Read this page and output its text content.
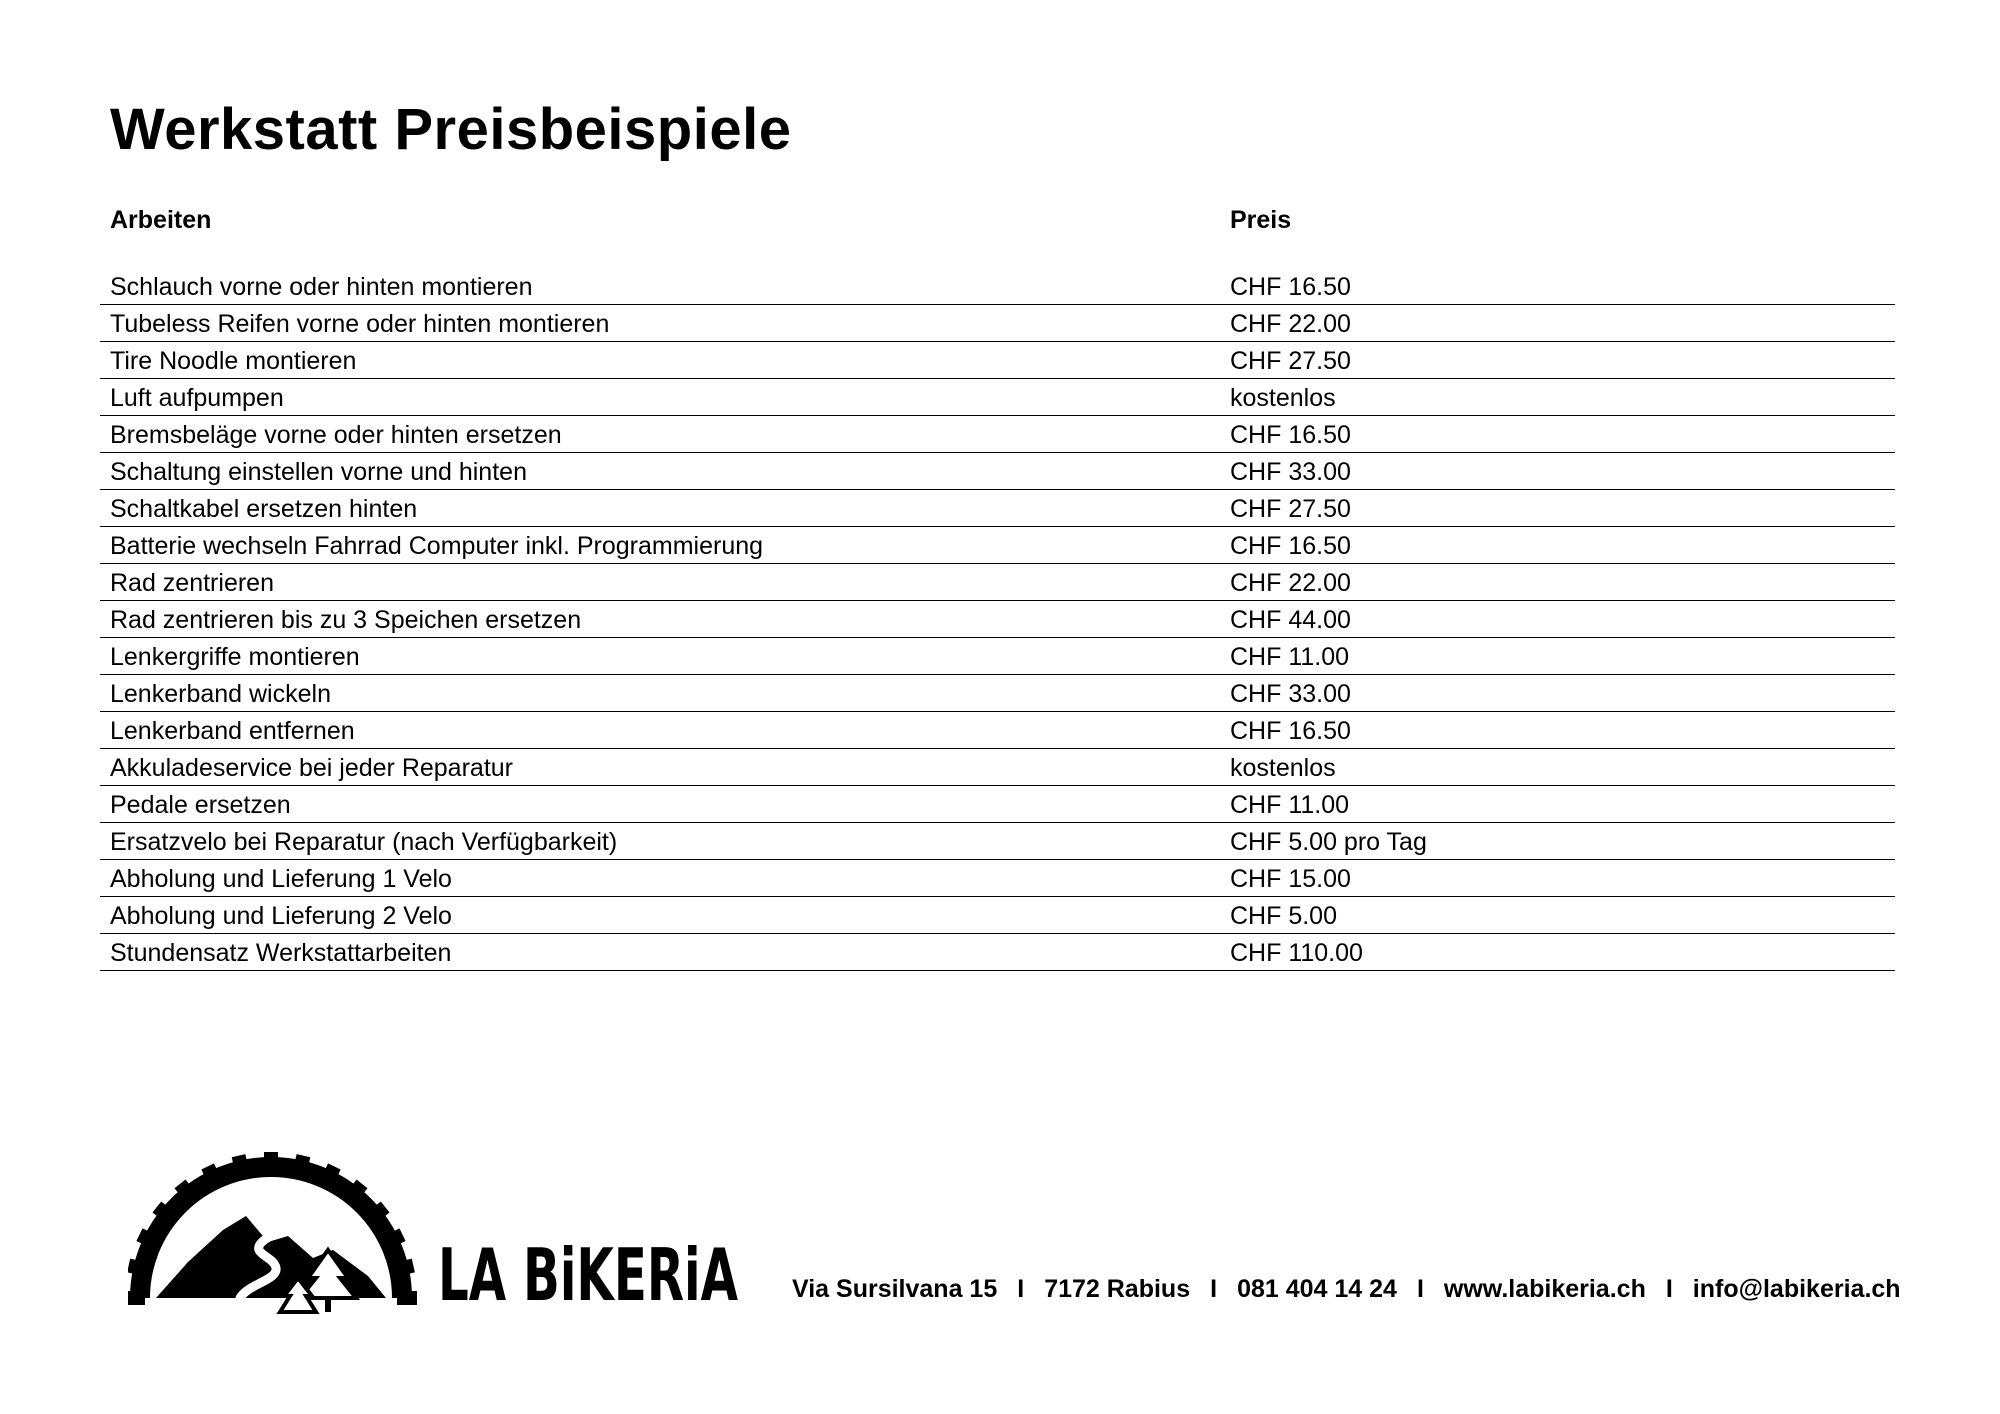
Werkstatt Preisbeispiele
Arbeiten	Preis
Schlauch vorne oder hinten montieren	CHF 16.50
Tubeless Reifen vorne oder hinten montieren	CHF 22.00
Tire Noodle montieren	CHF 27.50
Luft aufpumpen	kostenlos
Bremsbeläge vorne oder hinten ersetzen	CHF 16.50
Schaltung einstellen vorne und hinten	CHF 33.00
Schaltkabel ersetzen hinten	CHF 27.50
Batterie wechseln Fahrrad Computer inkl. Programmierung	CHF 16.50
Rad zentrieren	CHF 22.00
Rad zentrieren bis zu 3 Speichen ersetzen	CHF 44.00
Lenkergriffe montieren	CHF 11.00
Lenkerband wickeln	CHF 33.00
Lenkerband entfernen	CHF 16.50
Akkuladeservice bei jeder Reparatur	kostenlos
Pedale ersetzen	CHF 11.00
Ersatzvelo bei Reparatur (nach Verfügbarkeit)	CHF 5.00 pro Tag
Abholung und Lieferung 1 Velo	CHF 15.00
Abholung und Lieferung 2 Velo	CHF 5.00
Stundensatz Werkstattarbeiten	CHF 110.00
LA BiKERiA Via Sursilvana 15 I 7172 Rabius I 081 404 14 24 I www.labikeria.ch I info@labikeria.ch
